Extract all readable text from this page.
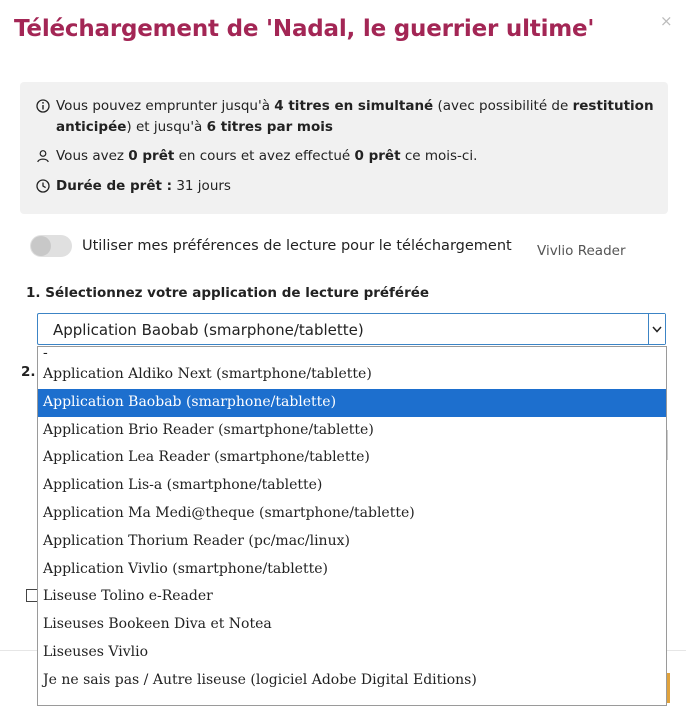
Téléchargement de 'Nadal, le guerrier ultime'	×
Vous pouvez emprunter jusqu'à 4 titres en simultané (avec possibilité de restitution anticipée) et jusqu'à 6 titres par mois
Vous avez 0 prêt en cours et avez effectué 0 prêt ce mois-ci.
Durée de prêt : 31 jours
Utiliser mes préférences de lecture pour le téléchargement Vivlio Reader
1. Sélectionnez votre application de lecture préférée
2.
Application Baobab (smarphone/tablette)
-
Application Aldiko Next (smartphone/tablette)
Application Baobab (smarphone/tablette)
Application Brio Reader (smartphone/tablette)
Application Lea Reader (smartphone/tablette)
Application Lis-a (smartphone/tablette)
Application Ma Medi@theque (smartphone/tablette)
Application Thorium Reader (pc/mac/linux)
Application Vivlio (smartphone/tablette)
Liseuse Tolino e-Reader
Liseuses Bookeen Diva et Notea
Liseuses Vivlio
Je ne sais pas / Autre liseuse (logiciel Adobe Digital Editions)
